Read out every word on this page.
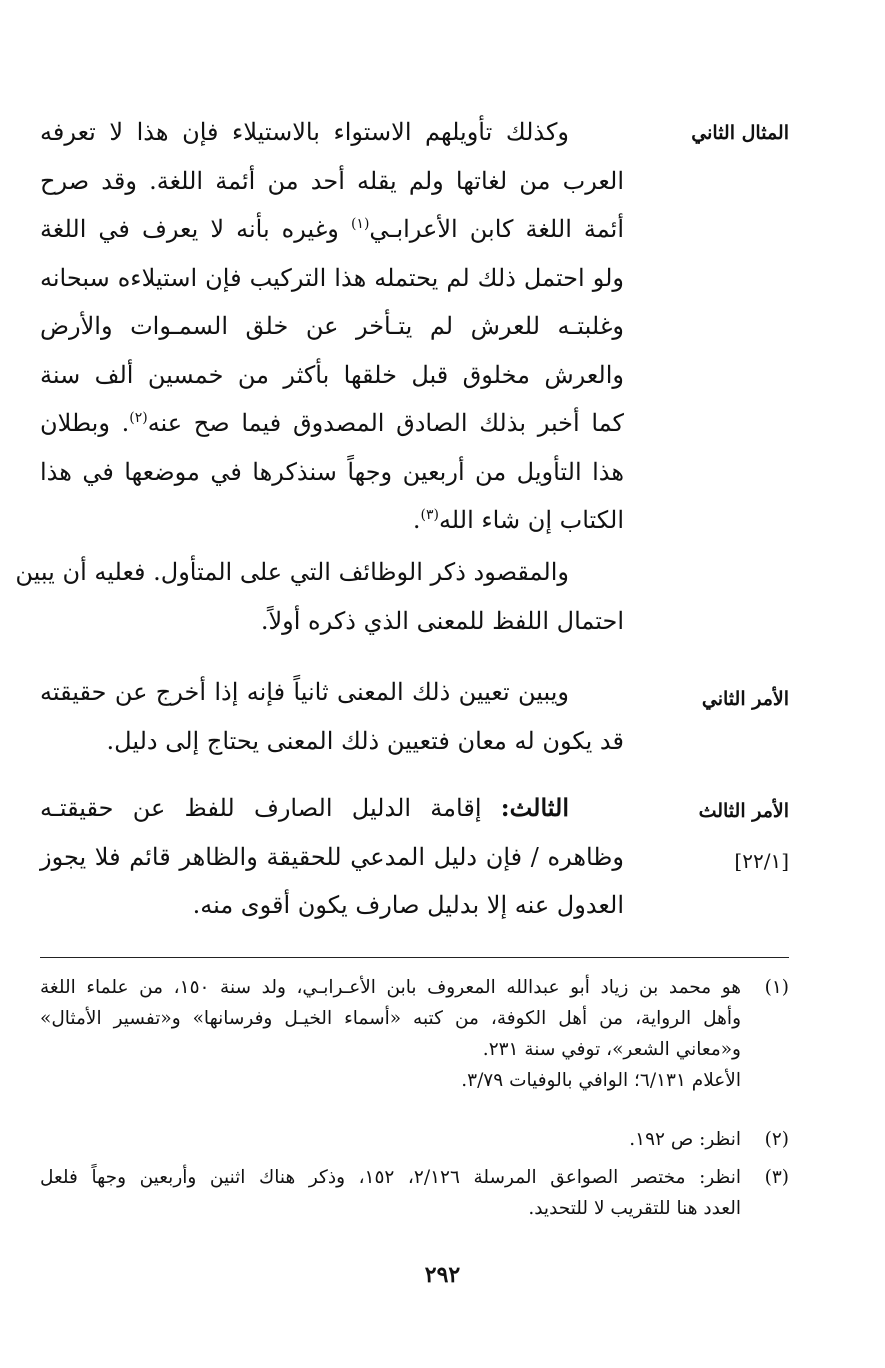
المثال الثاني
وكذلك تأويلهم الاستواء بالاستيلاء فإن هذا لا تعرفه
العرب من لغاتها ولم يقله أحد من أئمة اللغة. وقد صرح
أئمة اللغة كابن الأعرابـي$^{(١)}$ وغيره بأنه لا يعرف في اللغة
ولو احتمل ذلك لم يحتمله هذا التركيب فإن استيلاءه سبحانه
وغلبتـه للعرش لم يتـأخر عن خلق السمـوات والأرض
والعرش مخلوق قبل خلقها بأكثر من خمسين ألف سنة
كما أخبر بذلك الصادق المصدوق فيما صح عنه$^{(٢)}$. وبطلان
هذا التأويل من أربعين وجهاً سنذكرها في موضعها في هذا
الكتاب إن شاء الله$^{(٣)}$.
والمقصود ذكر الوظائف التي على المتأول. فعليه أن يبين
احتمال اللفظ للمعنى الذي ذكره أولاً.
الأمر الثاني
ويبين تعيين ذلك المعنى ثانياً فإنه إذا أخرج عن حقيقته
قد يكون له معان فتعيين ذلك المعنى يحتاج إلى دليل.
الأمر الثالث
[٢٢/١]
الثالث: إقامة الدليل الصارف للفظ عن حقيقتـه
وظاهره / فإن دليل المدعي للحقيقة والظاهر قائم فلا يجوز
العدول عنه إلا بدليل صارف يكون أقوى منه.
(١)
هو محمد بن زياد أبو عبدالله المعروف بابن الأعـرابـي، ولد سنة ١٥٠، من علماء اللغة
وأهل الرواية، من أهل الكوفة، من كتبه «أسماء الخيـل وفرسانها» و«تفسير الأمثال»
و«معاني الشعر»، توفي سنة ٢٣١.
الأعلام ٦/١٣١؛ الوافي بالوفيات ٣/٧٩.
(٢)
انظر: ص ١٩٢.
(٣)
انظر: مختصر الصواعق المرسلة ٢/١٢٦، ١٥٢، وذكر هناك اثنين وأربعين وجهاً فلعل
العدد هنا للتقريب لا للتحديد.
٢٩٢
